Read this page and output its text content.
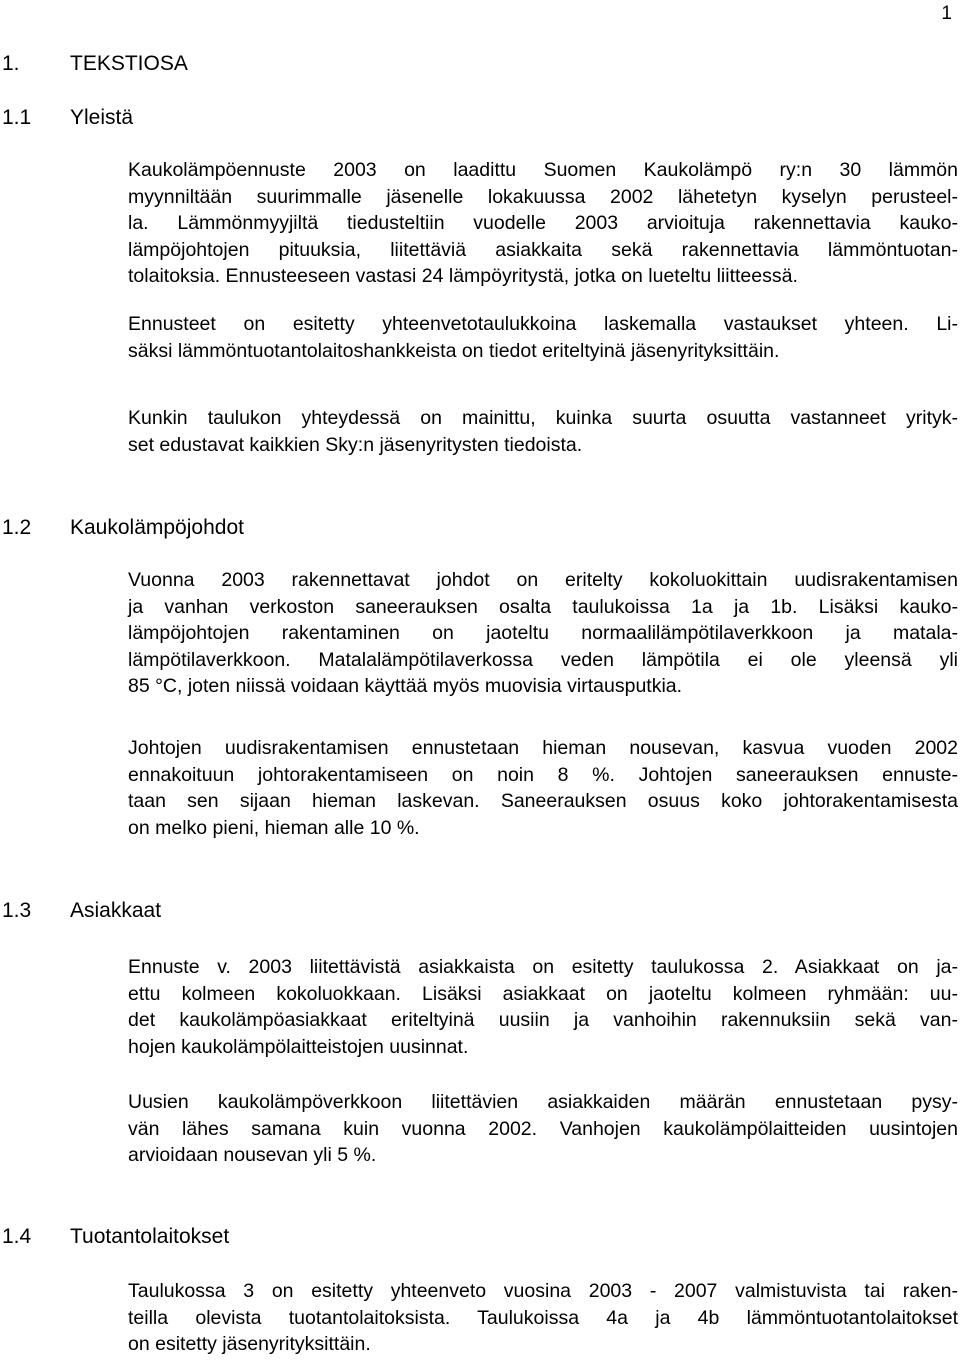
1
1. TEKSTIOSA
1.1 Yleistä
1.2 Kaukolämpöjohdot
1.3 Asiakkaat
1.4 Tuotantolaitokset
Kaukolämpöennuste 2003 on laadittu Suomen Kaukolämpö ry:n 30 lämmön
myynniltään suurimmalle jäsenelle lokakuussa 2002 lähetetyn kyselyn perusteel-
la. Lämmönmyyjiltä tiedusteltiin vuodelle 2003 arvioituja rakennettavia kauko-
lämpöjohtojen pituuksia, liitettäviä asiakkaita sekä rakennettavia lämmöntuotan-
tolaitoksia. Ennusteeseen vastasi 24 lämpöyritystä, jotka on lueteltu liitteessä.
Ennusteet on esitetty yhteenvetotaulukkoina laskemalla vastaukset yhteen. Li-
säksi lämmöntuotantolaitoshankkeista on tiedot eriteltyinä jäsenyrityksittäin.
Kunkin taulukon yhteydessä on mainittu, kuinka suurta osuutta vastanneet yrityk-
set edustavat kaikkien Sky:n jäsenyritysten tiedoista.
Vuonna 2003 rakennettavat johdot on eritelty kokoluokittain uudisrakentamisen
ja vanhan verkoston saneerauksen osalta taulukoissa 1a ja 1b. Lisäksi kauko-
lämpöjohtojen rakentaminen on jaoteltu normaalilämpötilaverkkoon ja matala-
lämpötilaverkkoon. Matalalämpötilaverkossa veden lämpötila ei ole yleensä yli
85 °C, joten niissä voidaan käyttää myös muovisia virtausputkia.
Johtojen uudisrakentamisen ennustetaan hieman nousevan, kasvua vuoden 2002
ennakoituun johtorakentamiseen on noin 8 %. Johtojen saneerauksen ennuste-
taan sen sijaan hieman laskevan. Saneerauksen osuus koko johtorakentamisesta
on melko pieni, hieman alle 10 %.
Ennuste v. 2003 liitettävistä asiakkaista on esitetty taulukossa 2. Asiakkaat on ja-
ettu kolmeen kokoluokkaan. Lisäksi asiakkaat on jaoteltu kolmeen ryhmään: uu-
det kaukolämpöasiakkaat eriteltyinä uusiin ja vanhoihin rakennuksiin sekä van-
hojen kaukolämpölaitteistojen uusinnat.
Uusien kaukolämpöverkkoon liitettävien asiakkaiden määrän ennustetaan pysy-
vän lähes samana kuin vuonna 2002. Vanhojen kaukolämpölaitteiden uusintojen
arvioidaan nousevan yli 5 %.
Taulukossa 3 on esitetty yhteenveto vuosina 2003 - 2007 valmistuvista tai raken-
teilla olevista tuotantolaitoksista. Taulukoissa 4a ja 4b lämmöntuotantolaitokset
on esitetty jäsenyrityksittäin.
